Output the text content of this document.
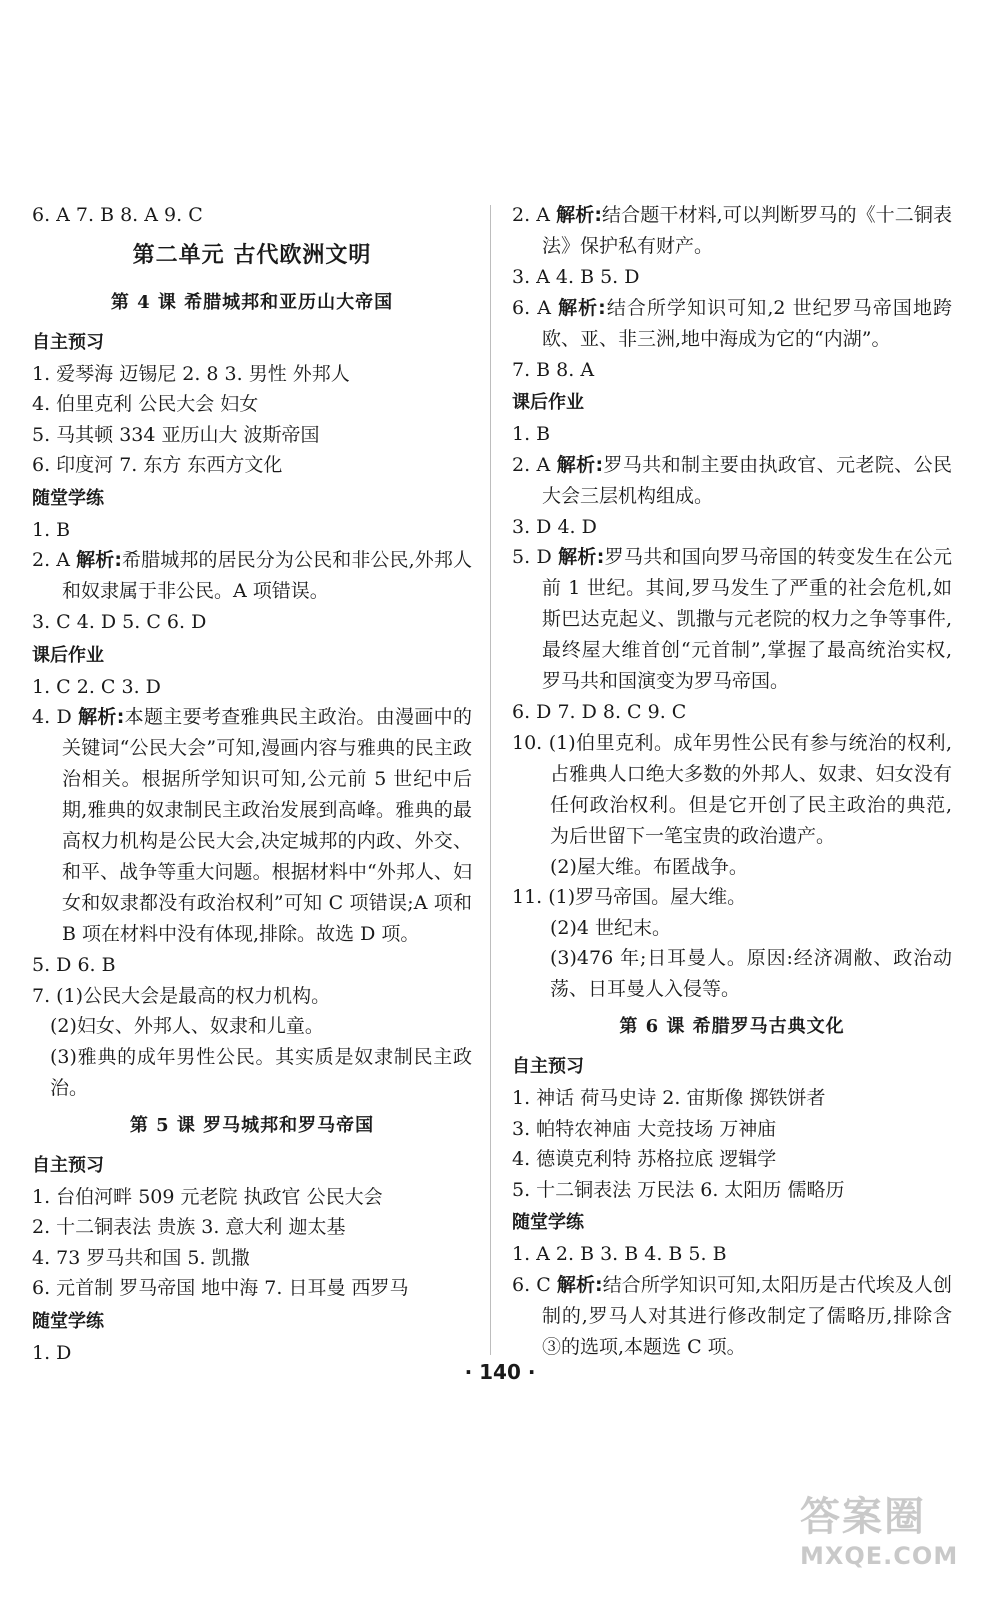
6. A 7. B 8. A 9. C
第二单元 古代欧洲文明
第 4 课 希腊城邦和亚历山大帝国
自主预习
1. 爱琴海 迈锡尼 2. 8 3. 男性 外邦人
4. 伯里克利 公民大会 妇女
5. 马其顿 334 亚历山大 波斯帝国
6. 印度河 7. 东方 东西方文化
随堂学练
1. B
2. A 解析:希腊城邦的居民分为公民和非公民,外邦人和奴隶属于非公民。A 项错误。
3. C 4. D 5. C 6. D
课后作业
1. C 2. C 3. D
4. D 解析:本题主要考查雅典民主政治。由漫画中的关键词“公民大会”可知,漫画内容与雅典的民主政治相关。根据所学知识可知,公元前 5 世纪中后期,雅典的奴隶制民主政治发展到高峰。雅典的最高权力机构是公民大会,决定城邦的内政、外交、和平、战争等重大问题。根据材料中“外邦人、妇女和奴隶都没有政治权利”可知 C 项错误;A 项和 B 项在材料中没有体现,排除。故选 D 项。
5. D 6. B
7. (1)公民大会是最高的权力机构。
(2)妇女、外邦人、奴隶和儿童。
(3)雅典的成年男性公民。其实质是奴隶制民主政治。
第 5 课 罗马城邦和罗马帝国
自主预习
1. 台伯河畔 509 元老院 执政官 公民大会
2. 十二铜表法 贵族 3. 意大利 迦太基
4. 73 罗马共和国 5. 凯撒
6. 元首制 罗马帝国 地中海 7. 日耳曼 西罗马
随堂学练
1. D
2. A 解析:结合题干材料,可以判断罗马的《十二铜表法》保护私有财产。
3. A 4. B 5. D
6. A 解析:结合所学知识可知,2 世纪罗马帝国地跨欧、亚、非三洲,地中海成为它的“内湖”。
7. B 8. A
课后作业
1. B
2. A 解析:罗马共和制主要由执政官、元老院、公民大会三层机构组成。
3. D 4. D
5. D 解析:罗马共和国向罗马帝国的转变发生在公元前 1 世纪。其间,罗马发生了严重的社会危机,如斯巴达克起义、凯撒与元老院的权力之争等事件,最终屋大维首创“元首制”,掌握了最高统治实权,罗马共和国演变为罗马帝国。
6. D 7. D 8. C 9. C
10. (1)伯里克利。成年男性公民有参与统治的权利,占雅典人口绝大多数的外邦人、奴隶、妇女没有任何政治权利。但是它开创了民主政治的典范,为后世留下一笔宝贵的政治遗产。
(2)屋大维。布匿战争。
11. (1)罗马帝国。屋大维。
(2)4 世纪末。
(3)476 年;日耳曼人。原因:经济凋敝、政治动荡、日耳曼人入侵等。
第 6 课 希腊罗马古典文化
自主预习
1. 神话 荷马史诗 2. 宙斯像 掷铁饼者
3. 帕特农神庙 大竞技场 万神庙
4. 德谟克利特 苏格拉底 逻辑学
5. 十二铜表法 万民法 6. 太阳历 儒略历
随堂学练
1. A 2. B 3. B 4. B 5. B
6. C 解析:结合所学知识可知,太阳历是古代埃及人创制的,罗马人对其进行修改制定了儒略历,排除含③的选项,本题选 C 项。
· 140 ·
答案圈
MXQE.COM
